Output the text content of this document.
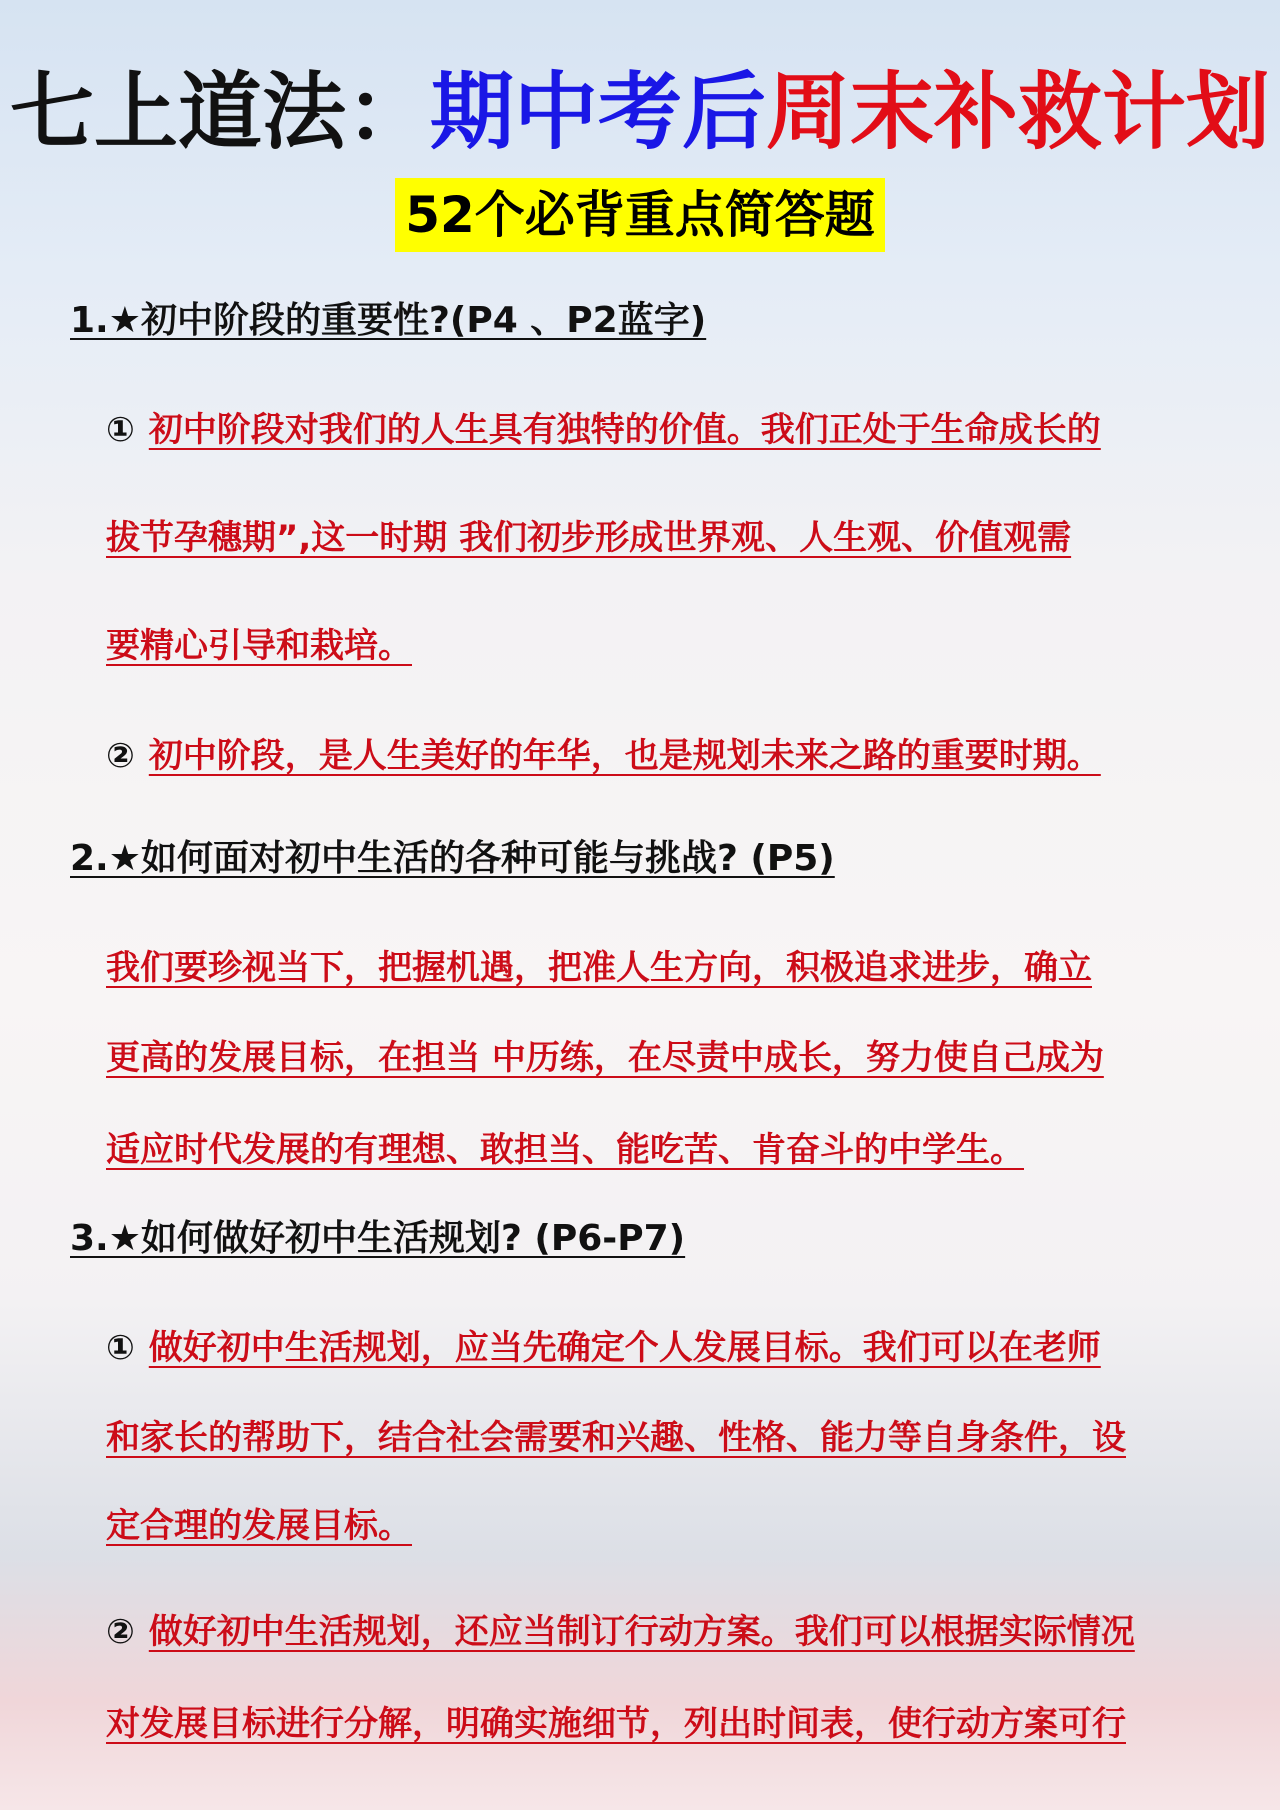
七上道法：期中考后周末补救计划
52个必背重点简答题
1.★初中阶段的重要性?(P4 、P2蓝字)
① 初中阶段对我们的人生具有独特的价值。我们正处于生命成长的
拔节孕穗期”,这一时期 我们初步形成世界观、人生观、价值观需
要精心引导和栽培。
② 初中阶段，是人生美好的年华，也是规划未来之路的重要时期。
2.★如何面对初中生活的各种可能与挑战? (P5)
我们要珍视当下，把握机遇，把准人生方向，积极追求进步，确立
更高的发展目标，在担当 中历练，在尽责中成长，努力使自己成为
适应时代发展的有理想、敢担当、能吃苦、肯奋斗的中学生。
3.★如何做好初中生活规划? (P6-P7)
① 做好初中生活规划，应当先确定个人发展目标。我们可以在老师
和家长的帮助下，结合社会需要和兴趣、性格、能力等自身条件，设
定合理的发展目标。
② 做好初中生活规划，还应当制订行动方案。我们可以根据实际情况
对发展目标进行分解，明确实施细节，列出时间表，使行动方案可行
